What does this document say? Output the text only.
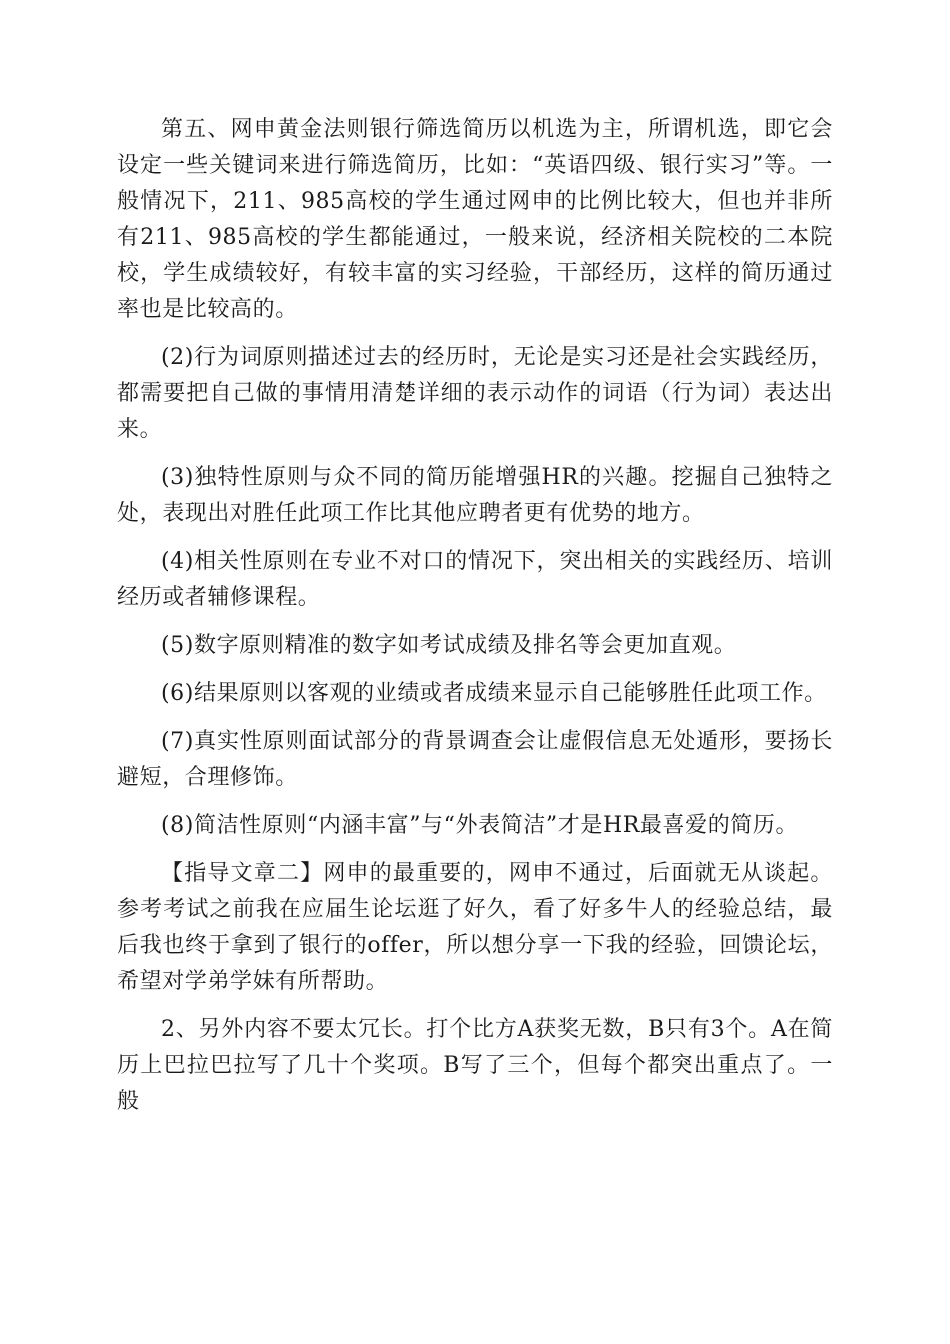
第五、网申黄金法则银行筛选简历以机选为主，所谓机选，即它会设定一些关键词来进行筛选简历，比如：“英语四级、银行实习”等。一般情况下，211、985高校的学生通过网申的比例比较大，但也并非所有211、985高校的学生都能通过，一般来说，经济相关院校的二本院校，学生成绩较好，有较丰富的实习经验，干部经历，这样的简历通过率也是比较高的。

(2)行为词原则描述过去的经历时，无论是实习还是社会实践经历，都需要把自己做的事情用清楚详细的表示动作的词语（行为词）表达出来。

(3)独特性原则与众不同的简历能增强HR的兴趣。挖掘自己独特之处，表现出对胜任此项工作比其他应聘者更有优势的地方。

(4)相关性原则在专业不对口的情况下，突出相关的实践经历、培训经历或者辅修课程。

(5)数字原则精准的数字如考试成绩及排名等会更加直观。

(6)结果原则以客观的业绩或者成绩来显示自己能够胜任此项工作。

(7)真实性原则面试部分的背景调查会让虚假信息无处遁形，要扬长避短，合理修饰。

(8)简洁性原则“内涵丰富”与“外表简洁”才是HR最喜爱的简历。

【指导文章二】网申的最重要的，网申不通过，后面就无从谈起。参考考试之前我在应届生论坛逛了好久，看了好多牛人的经验总结，最后我也终于拿到了银行的offer，所以想分享一下我的经验，回馈论坛，希望对学弟学妹有所帮助。

2、另外内容不要太冗长。打个比方A获奖无数，B只有3个。A在简历上巴拉巴拉写了几十个奖项。B写了三个，但每个都突出重点了。一般
